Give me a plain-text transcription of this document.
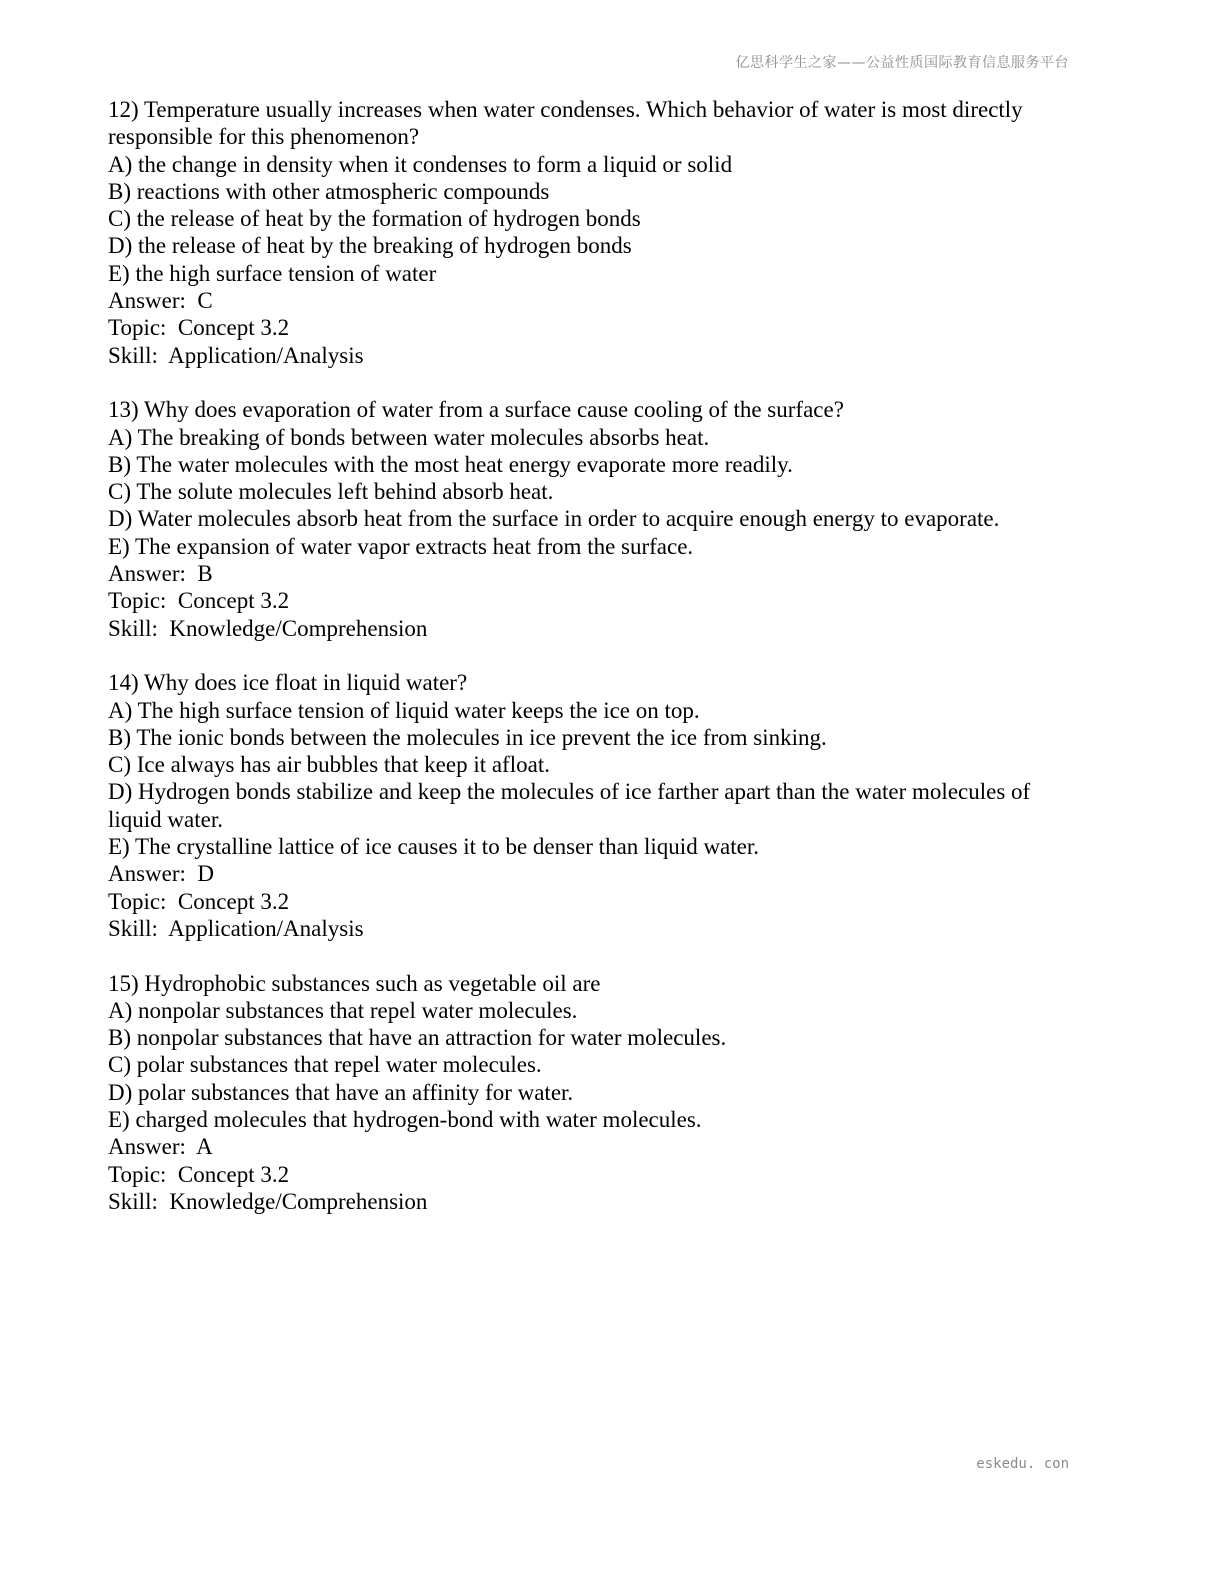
亿思科学生之家——公益性质国际教育信息服务平台
12) Temperature usually increases when water condenses. Which behavior of water is most directly responsible for this phenomenon?
A) the change in density when it condenses to form a liquid or solid
B) reactions with other atmospheric compounds
C) the release of heat by the formation of hydrogen bonds
D) the release of heat by the breaking of hydrogen bonds
E) the high surface tension of water
Answer:  C
Topic:  Concept 3.2
Skill:  Application/Analysis
13) Why does evaporation of water from a surface cause cooling of the surface?
A) The breaking of bonds between water molecules absorbs heat.
B) The water molecules with the most heat energy evaporate more readily.
C) The solute molecules left behind absorb heat.
D) Water molecules absorb heat from the surface in order to acquire enough energy to evaporate.
E) The expansion of water vapor extracts heat from the surface.
Answer:  B
Topic:  Concept 3.2
Skill:  Knowledge/Comprehension
14) Why does ice float in liquid water?
A) The high surface tension of liquid water keeps the ice on top.
B) The ionic bonds between the molecules in ice prevent the ice from sinking.
C) Ice always has air bubbles that keep it afloat.
D) Hydrogen bonds stabilize and keep the molecules of ice farther apart than the water molecules of liquid water.
E) The crystalline lattice of ice causes it to be denser than liquid water.
Answer:  D
Topic:  Concept 3.2
Skill:  Application/Analysis
15) Hydrophobic substances such as vegetable oil are
A) nonpolar substances that repel water molecules.
B) nonpolar substances that have an attraction for water molecules.
C) polar substances that repel water molecules.
D) polar substances that have an affinity for water.
E) charged molecules that hydrogen-bond with water molecules.
Answer:  A
Topic:  Concept 3.2
Skill:  Knowledge/Comprehension
eskedu. con
